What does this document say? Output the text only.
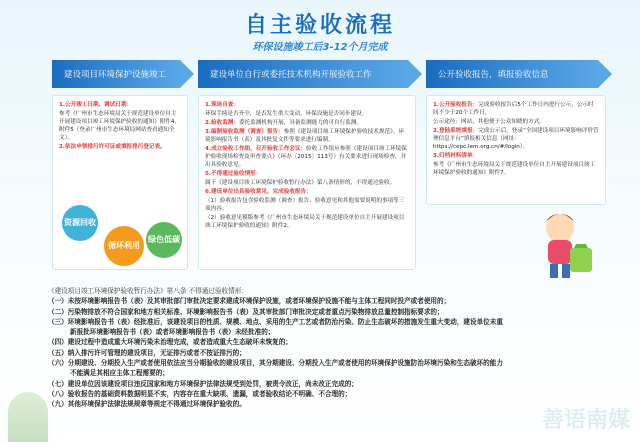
自主验收流程
环保设施竣工后3-12个月完成
建设项目环境保护设施竣工	建设单位自行或委托技术机构开展验收工作	公开验收报告，填报验收信息

1.公开竣工日期、调试日期：

参考《广州市生态环境局关于规范建设单位自主开展建设项目竣工环境保护验收的通知》附件4、附件5（登录广州市生态环境局网站查看通知全文）。

2.依法申领排污许可证或填报排污登记表。

资源回收
循环利用
绿色低碳

1.现场自查：

环保手续是否齐全，是否发生重大变动，环保设施是否同步建设。

2.验收监测：委托监测机构开展，具备监测能力的可自行监测。

3.编制验收监测（调查）报告：参照《建设项目竣工环境保护验收技术规范》、环境影响报告书（表）及其批复文件等要求进行编制。

4.成立验收工作组，召开验收工作会议：验收工作组应参照《建设项目竣工环境保护验收现场检查及审查要点》（环办〔2015〕113号）有关要求进行现场检查，并出具验收意见。

5.不得通过验收情形：

属于《建设项目竣工环境保护验收暂行办法》第八条情形的，不得通过验收。

6.建设单位出具验收意见，完成验收报告：

（1）验收报告包含验收监测（调查）报告、验收意见和其他需要说明的事项等三项内容；

（2）验收意见模版参考《广州市生态环境局关于规范建设单位自主开展建设项目竣工环境保护验收的通知》附件2。

1.公开验收报告：完成验收报告后5个工作日内进行公示，公示时间不少于20个工作日。

公示途径：网站、其他便于公众知晓的方式。

2.登陆系统填报：完成公示后，登录“全国建设项目环境影响评价管理信息平台”填报相关信息（网址：https://cepc.lem.org.cn/#/login）。

3.归档材料清单：

参考《广州市生态环境局关于规范建设单位自主开展建设项目竣工环境保护验收的通知》附件7。

《建设项目竣工环境保护验收暂行办法》第八条 不得通过验收情形：

（一）未按环境影响报告书（表）及其审批部门审批决定要求建成环境保护设施，或者环境保护设施不能与主体工程同时投产或者使用的；

（二）污染物排放不符合国家和地方相关标准、环境影响报告书（表）及其审批部门审批决定或者重点污染物排放总量控制指标要求的；

（三）环境影响报告书（表）经批准后，该建设项目的性质、规模、地点、采用的生产工艺或者防治污染、防止生态破坏的措施发生重大变动，建设单位未重

新报批环境影响报告书（表）或者环境影响报告书（表）未经批准的；

（四）建设过程中造成重大环境污染未治理完成，或者造成重大生态破坏未恢复的；

（五）纳入排污许可管理的建设项目，无证排污或者不按证排污的；

（六）分期建设、分期投入生产或者使用依法应当分期验收的建设项目，其分期建设、分期投入生产或者使用的环境保护设施防治环境污染和生态破坏的能力

不能满足其相应主体工程需要的；

（七）建设单位因该建设项目违反国家和地方环境保护法律法规受到处罚，被责令改正，尚未改正完成的；

（八）验收报告的基础资料数据明显不实，内容存在重大缺项、遗漏，或者验收结论不明确、不合理的；

（九）其他环境保护法律法规规章等规定不得通过环境保护验收的。

善语南媒
